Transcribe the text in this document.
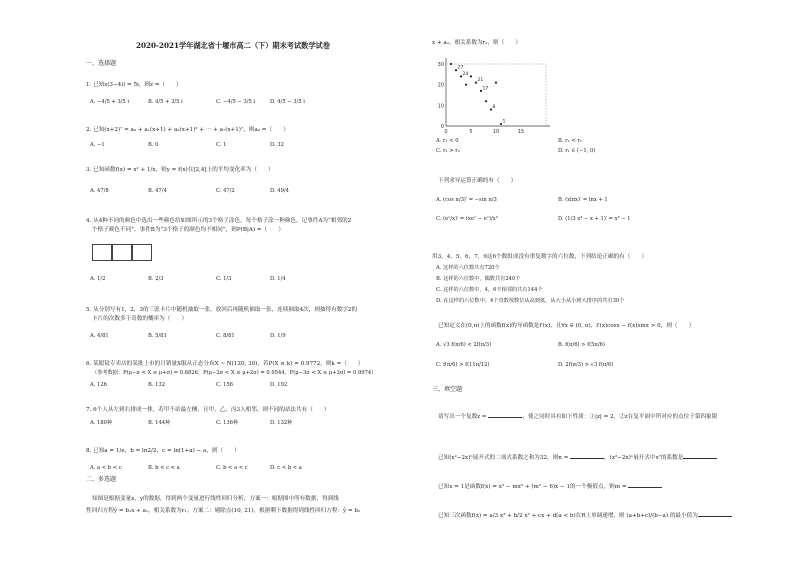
2020-2021学年湖北省十堰市高二（下）期末考试数学试卷
一、选择题
1. 已知z(3−4i) = 5i，则z =（　　）
A. −4/5 + 3/5 i	B. 4/5 + 3/5 i	C. −4/5 − 3/5 i	D. 4/5 − 3/5 i
2. 已知(x+2)⁷ = a₀ + a₁(x+1) + a₂(x+1)² + ⋯ + a₇(x+1)⁷，则a₀ =（　　）
A. −1	B. 0	C. 1	D. 32
3. 已知函数f(x) = x² + 1/x，则y = f(x)在[2,4]上的平均变化率为（　　）
A. 47/8	B. 47/4	C. 47/2	D. 49/4
4. 从4种不同的颜色中选出一些颜色给如图所示的3个格子涂色，每个格子涂一种颜色，记事件A为“相邻的2
个格子颜色不同”，事件B为“3个格子的颜色均不相同”，则P(B|A) =（　　）
A. 1/2	B. 2/3	C. 1/3	D. 1/4
5. 从分别写有1，2，3的三张卡片中随机抽取一张，放回后再随机抽取一张，连续抽取4次，则抽得有数字2的
卡片的次数多于奇数的概率为（　　）
A. 4/81	B. 5/81	C. 8/81	D. 1/9
6. 某眼镜专卖店的某批上市的月销量X服从正态分布X ~ N(120, 30)，若P(X ≤ k) = 0.9772，则k =（　　）
（参考数据：P(μ−σ < X ≤ μ+σ) = 0.6826，P(μ−2σ < X ≤ μ+2σ) = 0.9544，P(μ−3σ < X ≤ μ+3σ) = 0.9974）
A. 126	B. 132	C. 156	D. 192
7. 6个人从左到右排成一排，若甲不站最左侧，且甲、乙、丙3人相邻，则不同的站法共有（　　）
A. 180种	B. 144种	C. 136种	D. 132种
8. 已知a = 1/e，b = ln2/2，c = ln(1+a) − a，则（　　）
A. a < b < c	B. b < c < a	C. b < a < c	D. c < b < a
二、多选题
知图是根据变量x，y的数据，得到两个变量进行线性回归分析，方案一：根据图中所有数据，得到线
性回归方程ŷ = b₁x + a₁，相关系数为r₁；方案二：剔除点(10, 21)，根据剩下数据得到线性回归方程：ŷ = b₂
x + a₂，相关系数为r₂，则（　　）
0	5	10	15
0
10
20
30
27
24
21
17
8
1
A. r₁ < 0	B. r₁ < r₂
C. r₁ > r₂	D. r₁ ∈ (−1, 0)
下列求导运算正确的有（　　）
A. (cos π/3)′ = −sin π/3	B. (xlnx)′ = lnx + 1
C. (eˣ/x)′ = (xeˣ − eˣ)/x²	D. (1/3 x³ − x + 1)′ = x² − 1
用3，4，5，6，7，9这6个数组成没有重复数字的六位数，下列结论正确的有（　　）
A. 这样的六位数共有720个
B. 这样的六位数中，偶数共有240个
C. 这样的六位数中，4，6不相邻的共有144个
D. 在这样的六位数中，4个奇数按数位从高到低、从大小从小到大排序的共有30个
已知定义在(0,π)上的函数f(x)的导函数是f′(x)，且∀x ∈ (0, π)，f′(x)cosx − f(x)sinx > 0，则（　　）
A. √3 f(π/6) < 2f(π/3)	B. f(π/6) > f(5π/6)
C. f(π/6) > f(11π/12)	D. 2f(π/3) > √3 f(π/6)
三、填空题
请写出一个复数z =	，使之同时具有如下性质：①|z| = 2，②z在复平面中所对应的点位于第四象限
已知(x²−2x)ⁿ展开式的二项式系数之和为32，则n =	，(x²−2x)ⁿ展开式中x⁷的系数是
已知x = 1是函数f(x) = x³ − mx² + (m² − 6)x − 1的一个极值点，则m =
已知三次函数f(x) = a/3 x³ + b/2 x² + cx + d(a < b)在R上单调递增，则 (a+b+c)/(b−a) 的最小值为
